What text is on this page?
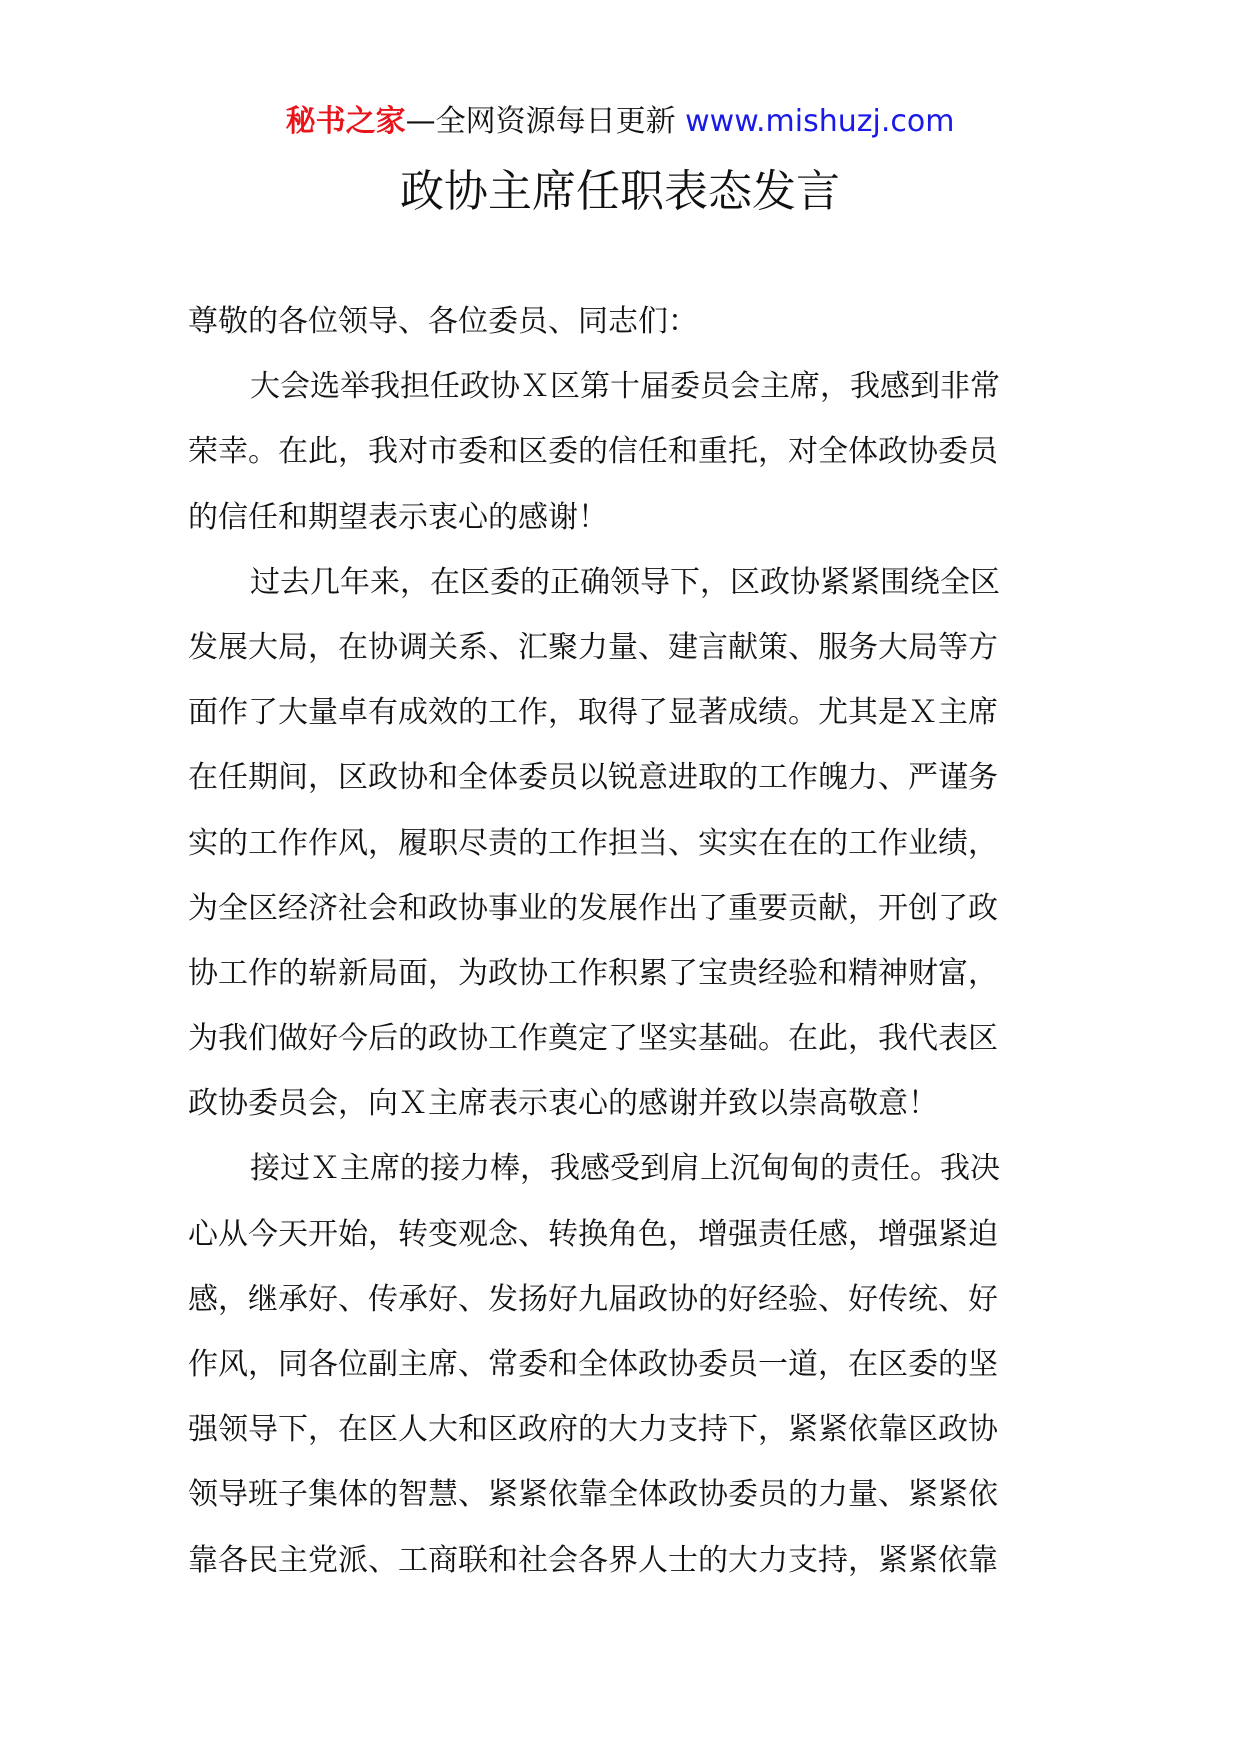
秘书之家—全网资源每日更新 www.mishuzj.com
政协主席任职表态发言
尊敬的各位领导、各位委员、同志们：
大会选举我担任政协Ｘ区第十届委员会主席，我感到非常
荣幸。在此，我对市委和区委的信任和重托，对全体政协委员
的信任和期望表示衷心的感谢！
过去几年来，在区委的正确领导下，区政协紧紧围绕全区
发展大局，在协调关系、汇聚力量、建言献策、服务大局等方
面作了大量卓有成效的工作，取得了显著成绩。尤其是Ｘ主席
在任期间，区政协和全体委员以锐意进取的工作魄力、严谨务
实的工作作风，履职尽责的工作担当、实实在在的工作业绩，
为全区经济社会和政协事业的发展作出了重要贡献，开创了政
协工作的崭新局面，为政协工作积累了宝贵经验和精神财富，
为我们做好今后的政协工作奠定了坚实基础。在此，我代表区
政协委员会，向Ｘ主席表示衷心的感谢并致以崇高敬意！
接过Ｘ主席的接力棒，我感受到肩上沉甸甸的责任。我决
心从今天开始，转变观念、转换角色，增强责任感，增强紧迫
感，继承好、传承好、发扬好九届政协的好经验、好传统、好
作风，同各位副主席、常委和全体政协委员一道，在区委的坚
强领导下，在区人大和区政府的大力支持下，紧紧依靠区政协
领导班子集体的智慧、紧紧依靠全体政协委员的力量、紧紧依
靠各民主党派、工商联和社会各界人士的大力支持，紧紧依靠
